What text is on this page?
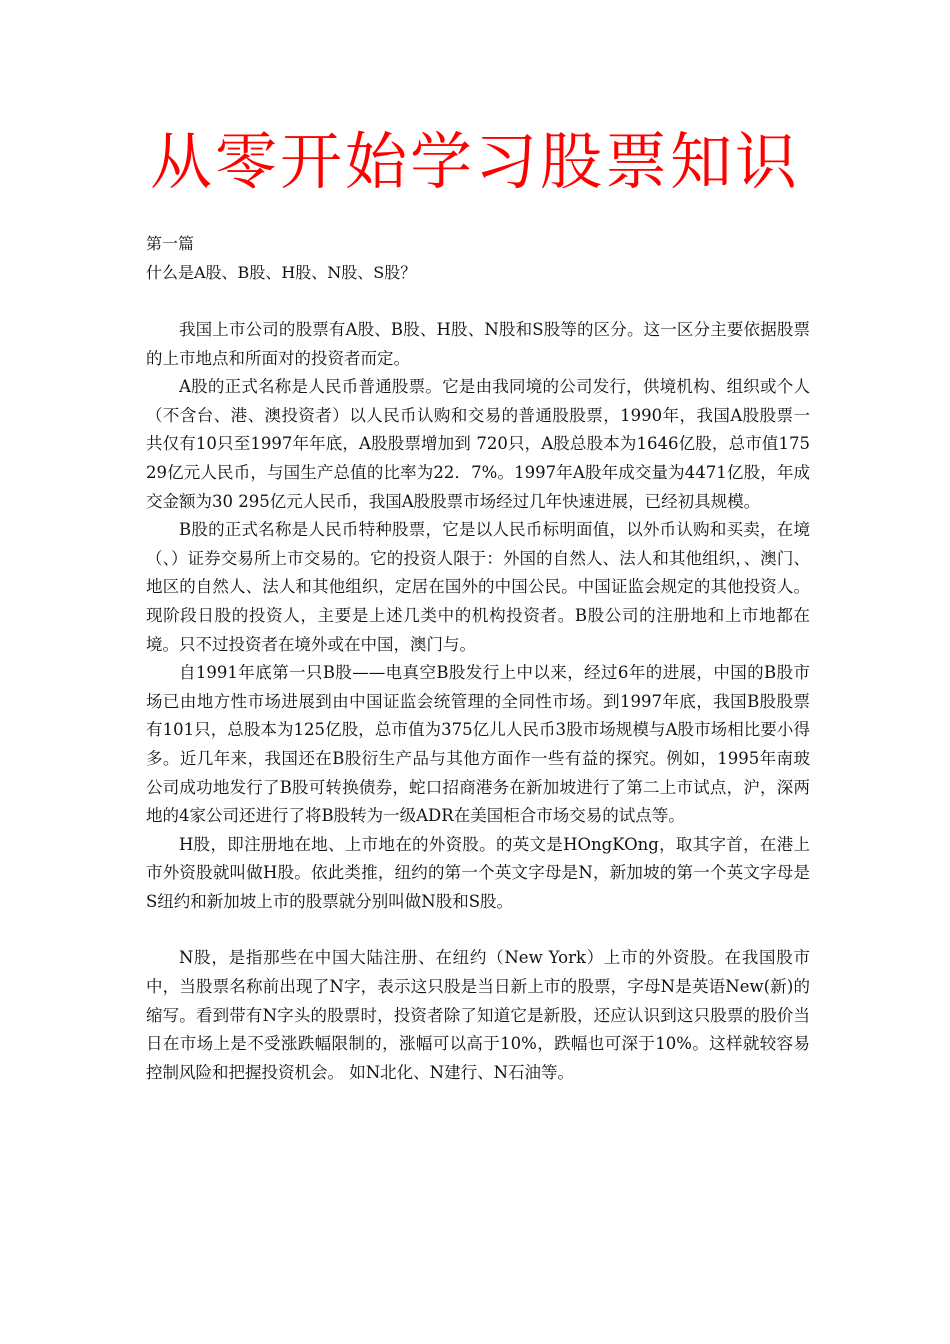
从零开始学习股票知识
第一篇
什么是A股、B股、H股、N股、S股？

我国上市公司的股票有A股、B股、H股、N股和S股等的区分。这一区分主要依据股票的上市地点和所面对的投资者而定。

A股的正式名称是人民币普通股票。它是由我同境的公司发行，供境机构、组织或个人（不含台、港、澳投资者）以人民币认购和交易的普通股股票，1990年，我国A股股票一共仅有10只至1997年年底，A股股票增加到 720只，A股总股本为1646亿股，总市值17529亿元人民币，与国生产总值的比率为22．7%。1997年A股年成交量为4471亿股，年成交金额为30 295亿元人民币，我国A股股票市场经过几年快速进展，已经初具规模。

B股的正式名称是人民币特种股票，它是以人民币标明面值，以外币认购和买卖，在境（、）证券交易所上市交易的。它的投资人限于：外国的自然人、法人和其他组织，、澳门、地区的自然人、法人和其他组织，定居在国外的中国公民。中国证监会规定的其他投资人。现阶段日股的投资人，主要是上述几类中的机构投资者。B股公司的注册地和上市地都在境。只不过投资者在境外或在中国，澳门与。

自1991年底第一只B股——电真空B股发行上中以来，经过6年的进展，中国的B股市场已由地方性市场进展到由中国证监会统管理的全同性市场。到1997年底，我国B股股票有101只，总股本为125亿股，总市值为375亿儿人民币3股市场规模与A股市场相比要小得多。近几年来，我国还在B股衍生产品与其他方面作一些有益的探究。例如，1995年南玻公司成功地发行了B股可转换债券，蛇口招商港务在新加坡进行了第二上市试点，沪，深两地的4家公司还进行了将B股转为一级ADR在美国柜合市场交易的试点等。

H股，即注册地在地、上市地在的外资股。的英文是HOngKOng，取其字首，在港上市外资股就叫做H股。依此类推，纽约的第一个英文字母是N，新加坡的第一个英文字母是S纽约和新加坡上市的股票就分别叫做N股和S股。

N股，是指那些在中国大陆注册、在纽约（New York）上市的外资股。在我国股市中，当股票名称前出现了N字，表示这只股是当日新上市的股票，字母N是英语New(新)的缩写。看到带有N字头的股票时，投资者除了知道它是新股，还应认识到这只股票的股价当日在市场上是不受涨跌幅限制的，涨幅可以高于10%，跌幅也可深于10%。这样就较容易控制风险和把握投资机会。 如N北化、N建行、N石油等。
